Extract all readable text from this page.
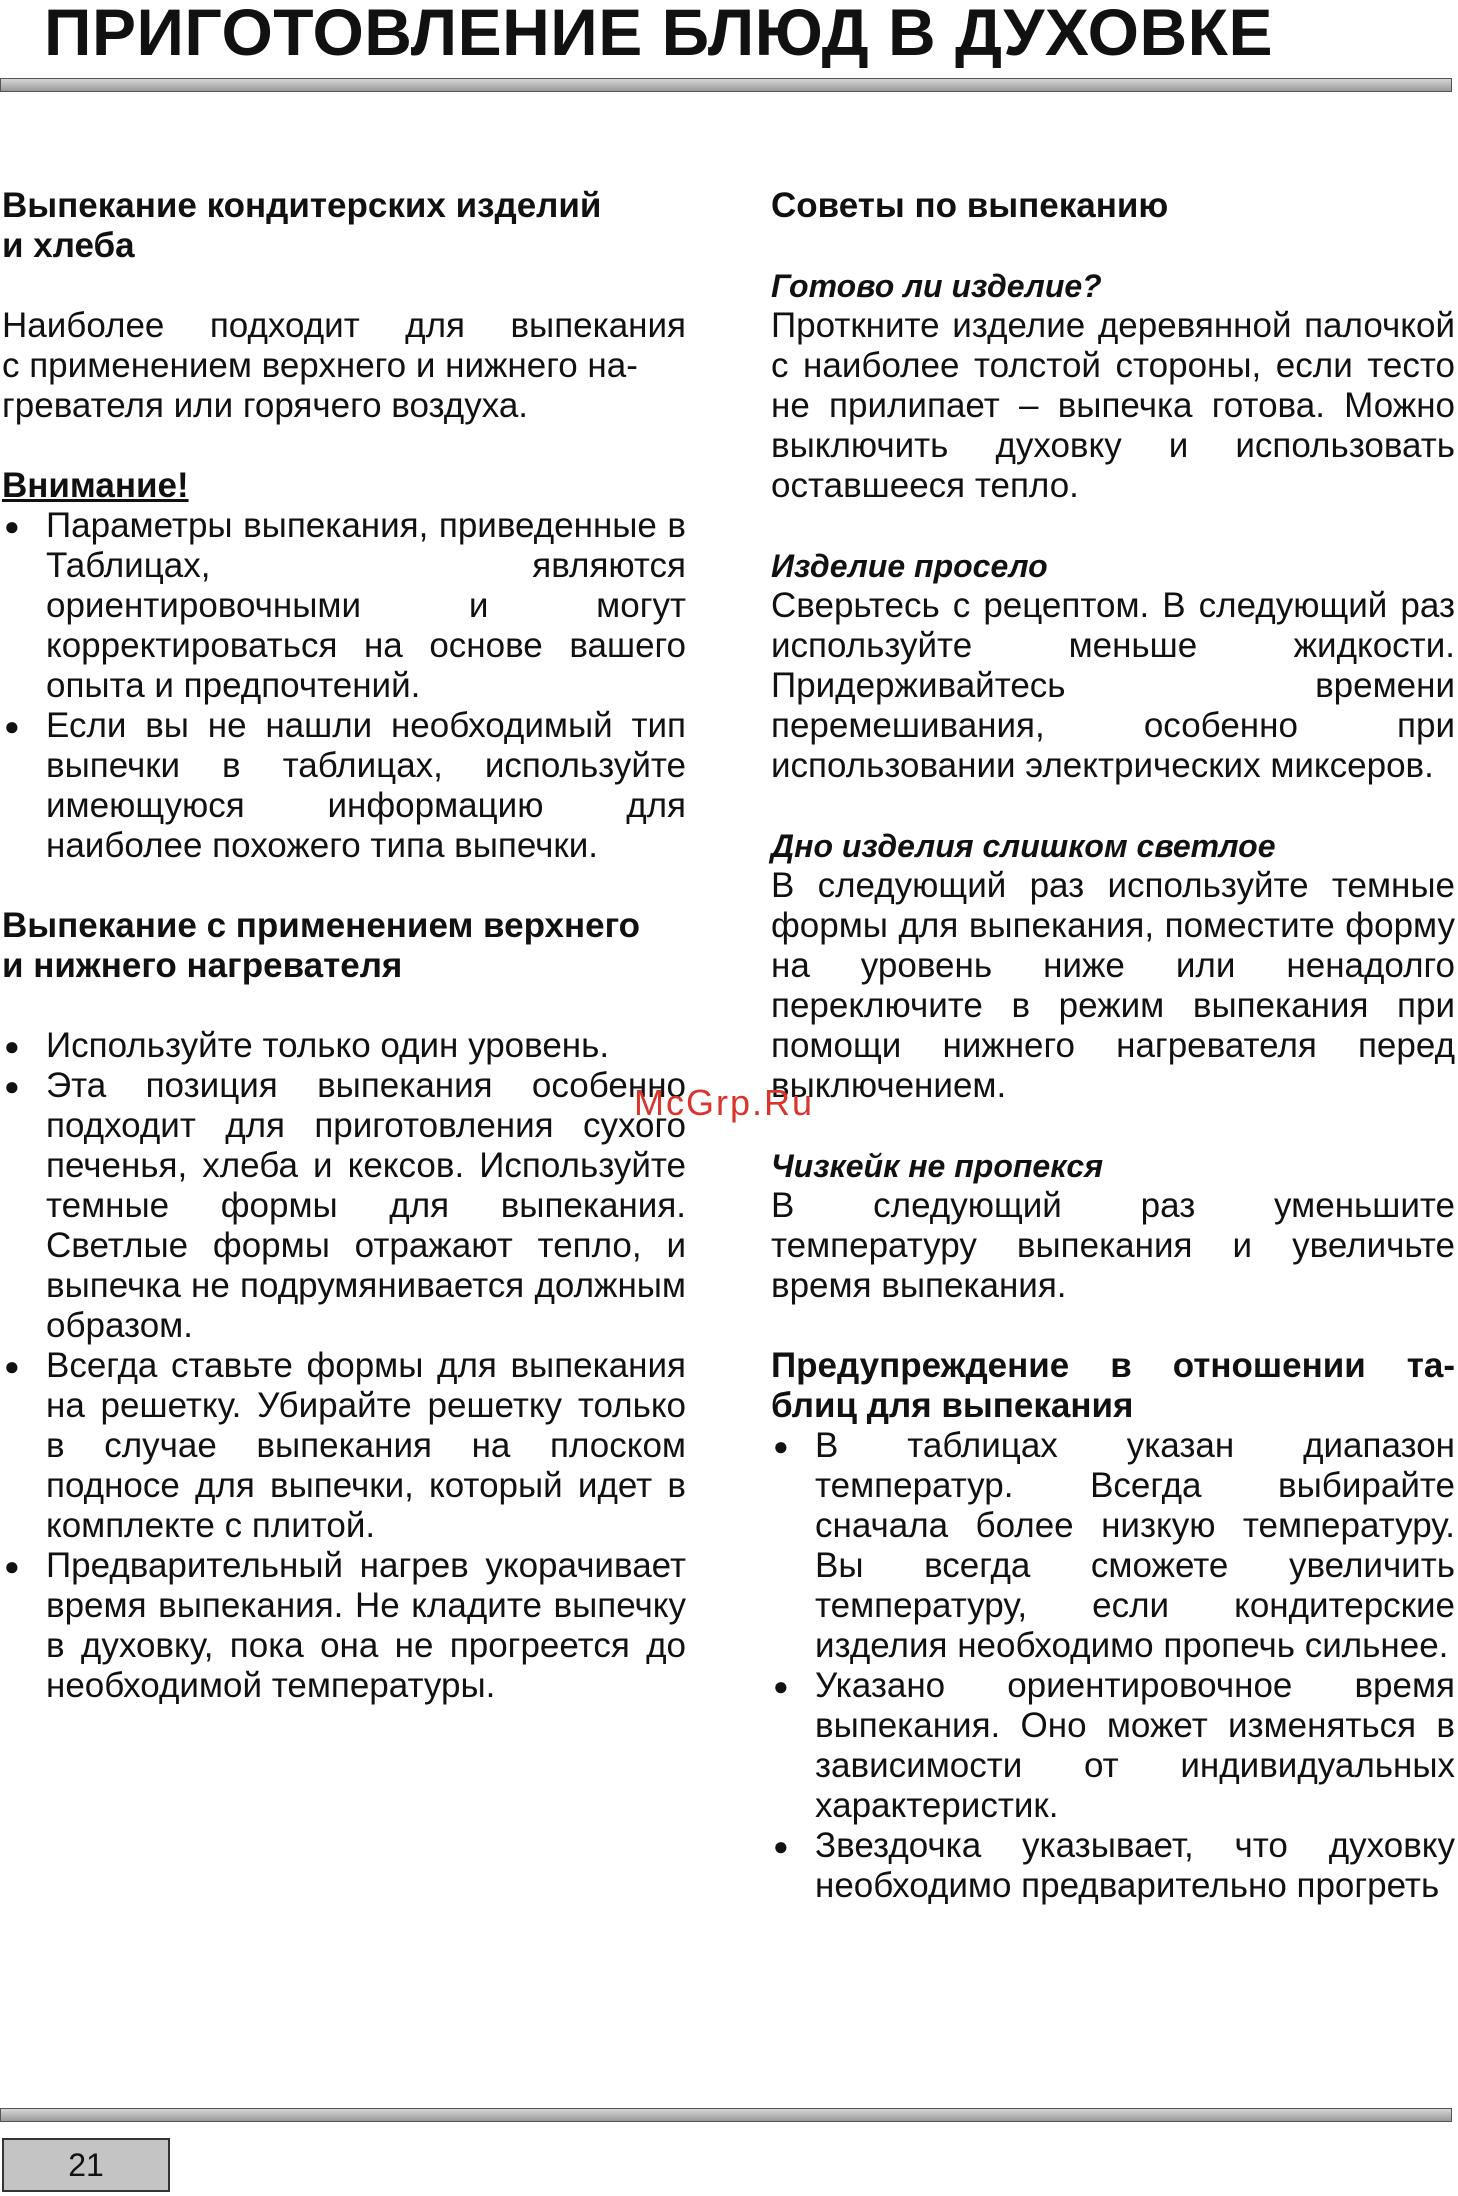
ПРИГОТОВЛЕНИЕ БЛЮД В ДУХОВКЕ

Выпекание кондитерских изделий

и хлеба

Наиболее подходит для выпекания

с применением верхнего и нижнего на-

гревателя или горячего воздуха.

Внимание!

● Параметры выпекания, приведенные в Таблицах, являются ориентировочными и могут корректироваться на основе вашего опыта и предпочтений.
● Если вы не нашли необходимый тип выпечки в таблицах, используйте имеющуюся информацию для наиболее похожего типа выпечки.

Выпекание с применением верхнего

и нижнего нагревателя

● Используйте только один уровень.
● Эта позиция выпекания особенно подходит для приготовления сухого печенья, хлеба и кексов. Используйте темные формы для выпекания. Светлые формы отражают тепло, и выпечка не подрумянивается должным образом.
● Всегда ставьте формы для выпекания на решетку. Убирайте решетку только в случае выпекания на плоском подносе для выпечки, который идет в комплекте с плитой.
● Предварительный нагрев укорачивает время выпекания. Не кладите выпечку в духовку, пока она не прогреется до необходимой температуры.

Советы по выпеканию

Готово ли изделие?

Проткните изделие деревянной палочкой с наиболее толстой стороны, если тесто не прилипает – выпечка готова. Можно выключить духовку и использовать оставшееся тепло.

Изделие просело

Сверьтесь с рецептом. В следующий раз используйте меньше жидкости. Придерживайтесь времени перемешивания, особенно при использовании электрических миксеров.

Дно изделия слишком светлое

В следующий раз используйте темные формы для выпекания, поместите форму на уровень ниже или ненадолго переключите в режим выпекания при помощи нижнего нагревателя перед выключением.

Чизкейк не пропекся

В следующий раз уменьшите температуру выпекания и увеличьте время выпекания.

Предупреждение в отношении та-

блиц для выпекания

● В таблицах указан диапазон температур. Всегда выбирайте сначала более низкую температуру. Вы всегда сможете увеличить температуру, если кондитерские изделия необходимо пропечь сильнее.
● Указано ориентировочное время выпекания. Оно может изменяться в зависимости от индивидуальных характеристик.
● Звездочка указывает, что духовку необходимо предварительно прогреть
McGrp.Ru
21
